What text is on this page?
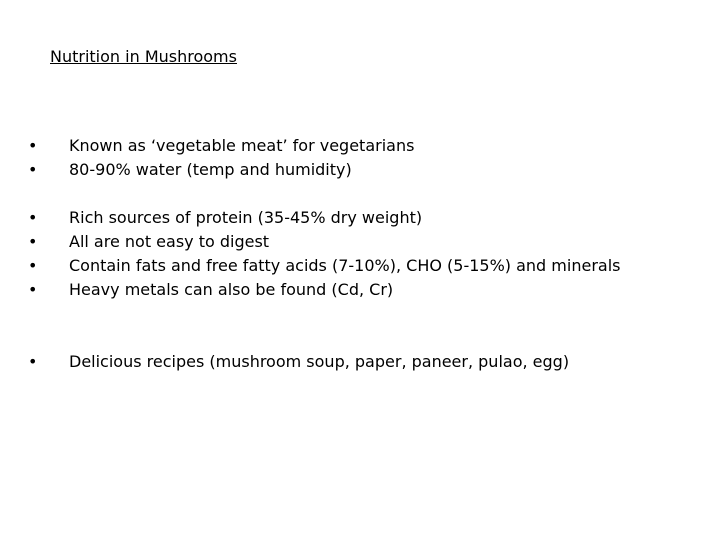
Nutrition in Mushrooms
• Known as ‘vegetable meat’ for vegetarians
• 80-90% water (temp and humidity)
• Rich sources of protein (35-45% dry weight)
• All are not easy to digest
• Contain fats and free fatty acids (7-10%), CHO (5-15%) and minerals
• Heavy metals can also be found (Cd, Cr)
• Delicious recipes (mushroom soup, paper, paneer, pulao, egg)
